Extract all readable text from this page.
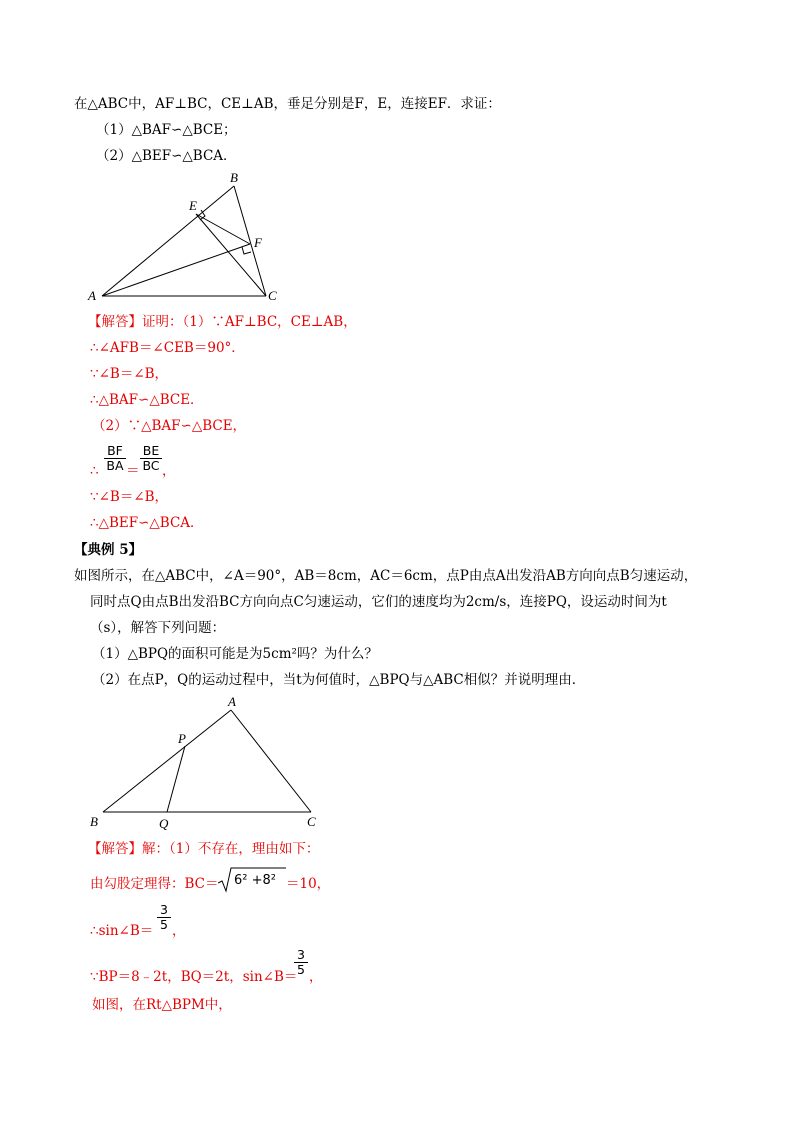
在△ABC中，AF⊥BC，CE⊥AB，垂足分别是F，E，连接EF．求证：
（1）△BAF∽△BCE；
（2）△BEF∽△BCA．
A
B
C
E
F
【解答】证明：（1）∵AF⊥BC，CE⊥AB，
∴∠AFB＝∠CEB＝90°．
∵∠B＝∠B，
∴△BAF∽△BCE．
（2）∵△BAF∽△BCE，
∴
BF
BA ＝
BE
BC ，
∵∠B＝∠B，
∴△BEF∽△BCA．
【典例 5】
如图所示，在△ABC中，∠A＝90°，AB＝8cm，AC＝6cm，点P由点A出发沿AB方向向点B匀速运动，
同时点Q由点B出发沿BC方向向点C匀速运动，它们的速度均为2cm/s，连接PQ，设运动时间为t
（s），解答下列问题：
（1）△BPQ的面积可能是为5cm²吗？为什么？
（2）在点P，Q的运动过程中，当t为何值时，△BPQ与△ABC相似？并说明理由．
A
P
B	Q	C
【解答】解：（1）不存在，理由如下：
由勾股定理得：BC＝ 6² +8² ＝10，
∴sin∠B＝
3
5 ，
∵BP＝8﹣2t，BQ＝2t，sin∠B＝
3
5 ，
如图，在Rt△BPM中，
